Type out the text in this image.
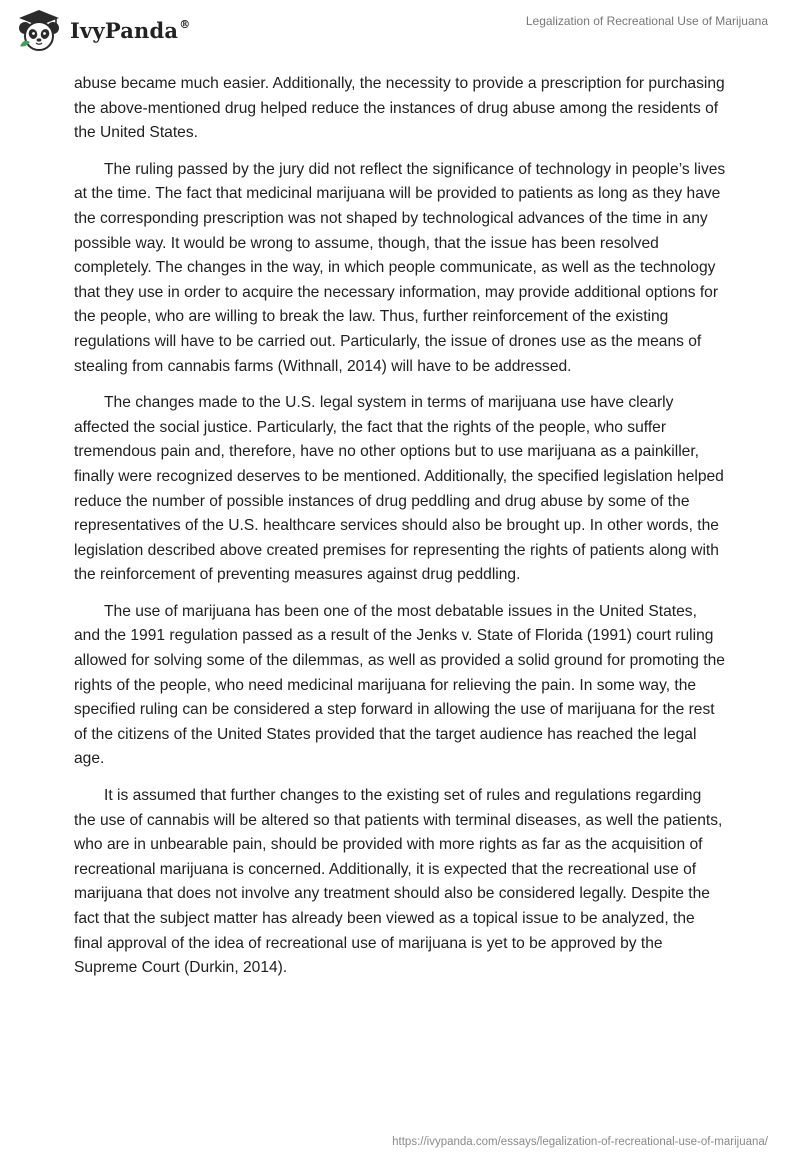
IvyPanda®	Legalization of Recreational Use of Marijuana

abuse became much easier. Additionally, the necessity to provide a prescription for purchasing the above-mentioned drug helped reduce the instances of drug abuse among the residents of the United States.

The ruling passed by the jury did not reflect the significance of technology in people’s lives at the time. The fact that medicinal marijuana will be provided to patients as long as they have the corresponding prescription was not shaped by technological advances of the time in any possible way. It would be wrong to assume, though, that the issue has been resolved completely. The changes in the way, in which people communicate, as well as the technology that they use in order to acquire the necessary information, may provide additional options for the people, who are willing to break the law. Thus, further reinforcement of the existing regulations will have to be carried out. Particularly, the issue of drones use as the means of stealing from cannabis farms (Withnall, 2014) will have to be addressed.

The changes made to the U.S. legal system in terms of marijuana use have clearly affected the social justice. Particularly, the fact that the rights of the people, who suffer tremendous pain and, therefore, have no other options but to use marijuana as a painkiller, finally were recognized deserves to be mentioned. Additionally, the specified legislation helped reduce the number of possible instances of drug peddling and drug abuse by some of the representatives of the U.S. healthcare services should also be brought up. In other words, the legislation described above created premises for representing the rights of patients along with the reinforcement of preventing measures against drug peddling.

The use of marijuana has been one of the most debatable issues in the United States, and the 1991 regulation passed as a result of the Jenks v. State of Florida (1991) court ruling allowed for solving some of the dilemmas, as well as provided a solid ground for promoting the rights of the people, who need medicinal marijuana for relieving the pain. In some way, the specified ruling can be considered a step forward in allowing the use of marijuana for the rest of the citizens of the United States provided that the target audience has reached the legal age.

It is assumed that further changes to the existing set of rules and regulations regarding the use of cannabis will be altered so that patients with terminal diseases, as well the patients, who are in unbearable pain, should be provided with more rights as far as the acquisition of recreational marijuana is concerned. Additionally, it is expected that the recreational use of marijuana that does not involve any treatment should also be considered legally. Despite the fact that the subject matter has already been viewed as a topical issue to be analyzed, the final approval of the idea of recreational use of marijuana is yet to be approved by the Supreme Court (Durkin, 2014).

https://ivypanda.com/essays/legalization-of-recreational-use-of-marijuana/
